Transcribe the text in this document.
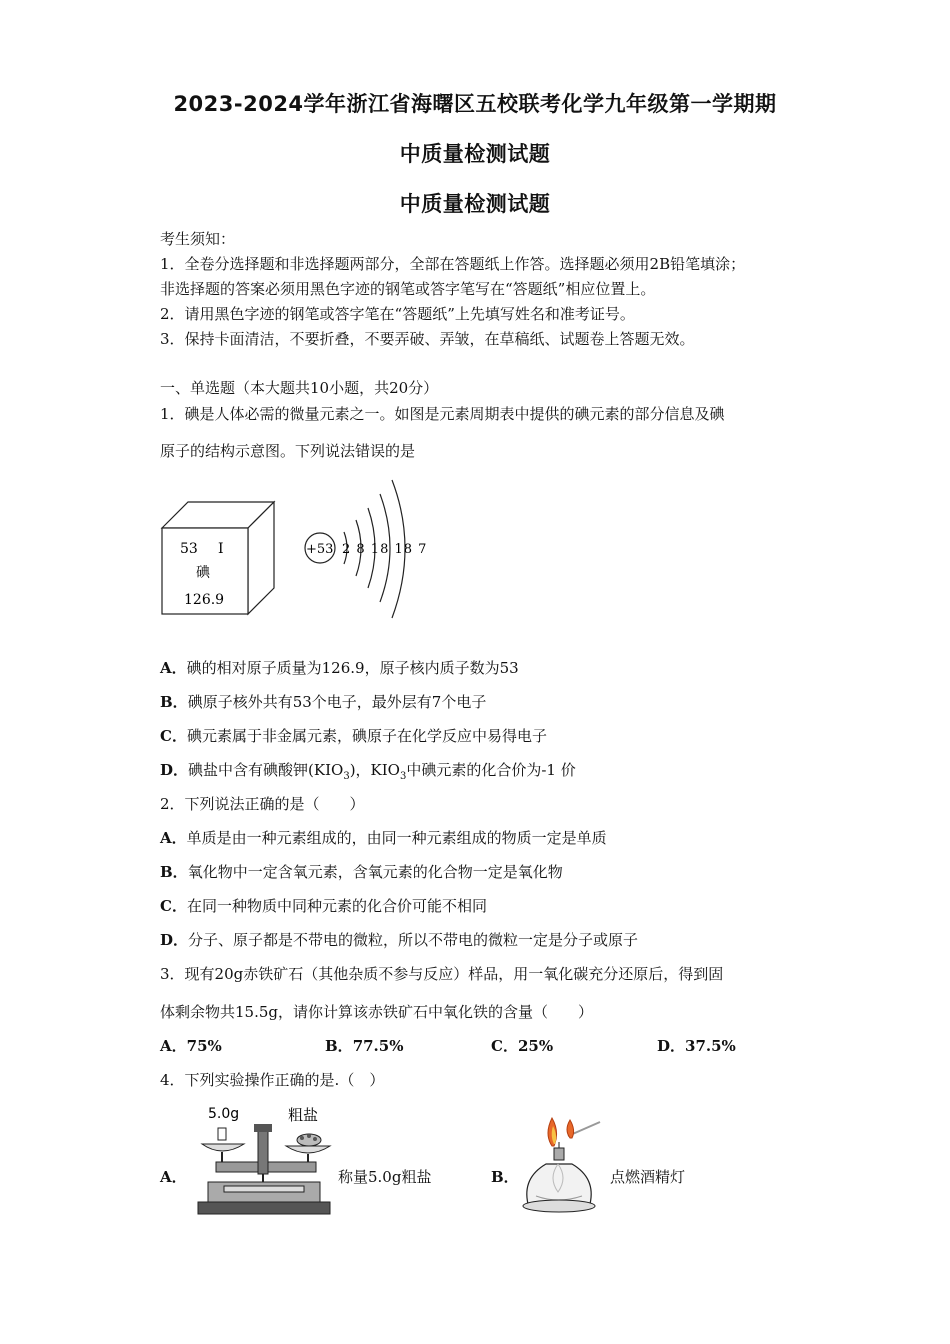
2023-2024学年浙江省海曙区五校联考化学九年级第一学期期
中质量检测试题
中质量检测试题
考生须知：
1．全卷分选择题和非选择题两部分，全部在答题纸上作答。选择题必须用2B铅笔填涂；
非选择题的答案必须用黑色字迹的钢笔或答字笔写在“答题纸”相应位置上。
2．请用黑色字迹的钢笔或答字笔在“答题纸”上先填写姓名和准考证号。
3．保持卡面清洁，不要折叠，不要弄破、弄皱，在草稿纸、试题卷上答题无效。
一、单选题（本大题共10小题，共20分）
1．碘是人体必需的微量元素之一。如图是元素周期表中提供的碘元素的部分信息及碘
原子的结构示意图。下列说法错误的是
53 I
碘
126.9
+53 2 8 18 18 7
A．碘的相对原子质量为126.9，原子核内质子数为53
B．碘原子核外共有53个电子，最外层有7个电子
C．碘元素属于非金属元素，碘原子在化学反应中易得电子
D．碘盐中含有碘酸钾$(KIO_3)$，$KIO_3$中碘元素的化合价为-1 价
2．下列说法正确的是（　　）
A．单质是由一种元素组成的，由同一种元素组成的物质一定是单质
B．氧化物中一定含氧元素，含氧元素的化合物一定是氧化物
C．在同一种物质中同种元素的化合价可能不相同
D．分子、原子都是不带电的微粒，所以不带电的微粒一定是分子或原子
3．现有20g赤铁矿石（其他杂质不参与反应）样品，用一氧化碳充分还原后，得到固
体剩余物共15.5g，请你计算该赤铁矿石中氧化铁的含量（　　）
A．75%	B．77.5%	C．25%	D．37.5%
4．下列实验操作正确的是.（　）
A．
5.0g	粗盐
称量5.0g粗盐	B．	点燃酒精灯
